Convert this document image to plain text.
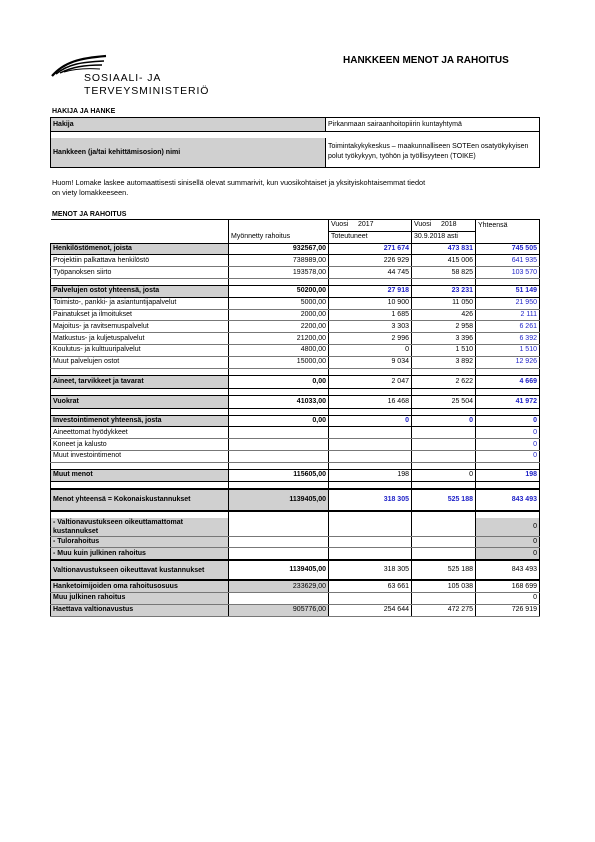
SOSIAALI- JA
TERVEYSMINISTERIÖ
HANKKEEN MENOT JA RAHOITUS
HAKIJA JA HANKE
Hakija		Pirkanmaan sairaanhoitopiirin kuntayhtymä

Hankkeen (ja/tai kehittämisosion) nimi		Toimintakykykeskus – maakunnalliseen SOTEen osatyökykyisen polut työkykyyn, työhön ja työllisyyteen (TOIKE)
Huom! Lomake laskee automaattisesti sinisellä olevat summarivit, kun vuosikohtaiset ja yksityiskohtaisemmat tiedot
on viety lomakkeeseen.
MENOT JA RAHOITUS
		Vuosi 2017	Vuosi 2018	Yhteensä
	Myönnetty rahoitus	Toteutuneet	30.9.2018 asti	
Henkilöstömenot, joista	932567,00	271 674	473 831	745 505
Projektiin palkattava henkilöstö	738989,00	226 929	415 006	641 935
Työpanoksen siirto	193578,00	44 745	58 825	103 570

Palvelujen ostot yhteensä, josta	50200,00	27 918	23 231	51 149
Toimisto-, pankki- ja asiantuntijapalvelut	5000,00	10 900	11 050	21 950
Painatukset ja ilmoitukset	2000,00	1 685	426	2 111
Majoitus- ja ravitsemuspalvelut	2200,00	3 303	2 958	6 261
Matkustus- ja kuljetuspalvelut	21200,00	2 996	3 396	6 392
Koulutus- ja kulttuuripalvelut	4800,00	0	1 510	1 510
Muut palvelujen ostot	15000,00	9 034	3 892	12 926

Aineet, tarvikkeet ja tavarat	0,00	2 047	2 622	4 669

Vuokrat	41033,00	16 468	25 504	41 972

Investointimenot yhteensä, josta	0,00	0	0	0
Aineettomat hyödykkeet				0
Koneet ja kalusto				0
Muut investointimenot				0

Muut menot	115605,00	198	0	198

Menot yhteensä = Kokonaiskustannukset	1139405,00	318 305	525 188	843 493

- Valtionavustukseen oikeuttamattomat kustannukset				0
- Tulorahoitus				0
- Muu kuin julkinen rahoitus				0
Valtionavustukseen oikeuttavat kustannukset	1139405,00	318 305	525 188	843 493
Hanketoimijoiden oma rahoitusosuus	233629,00	63 661	105 038	168 699
Muu julkinen rahoitus				0
Haettava valtionavustus	905776,00	254 644	472 275	726 919
